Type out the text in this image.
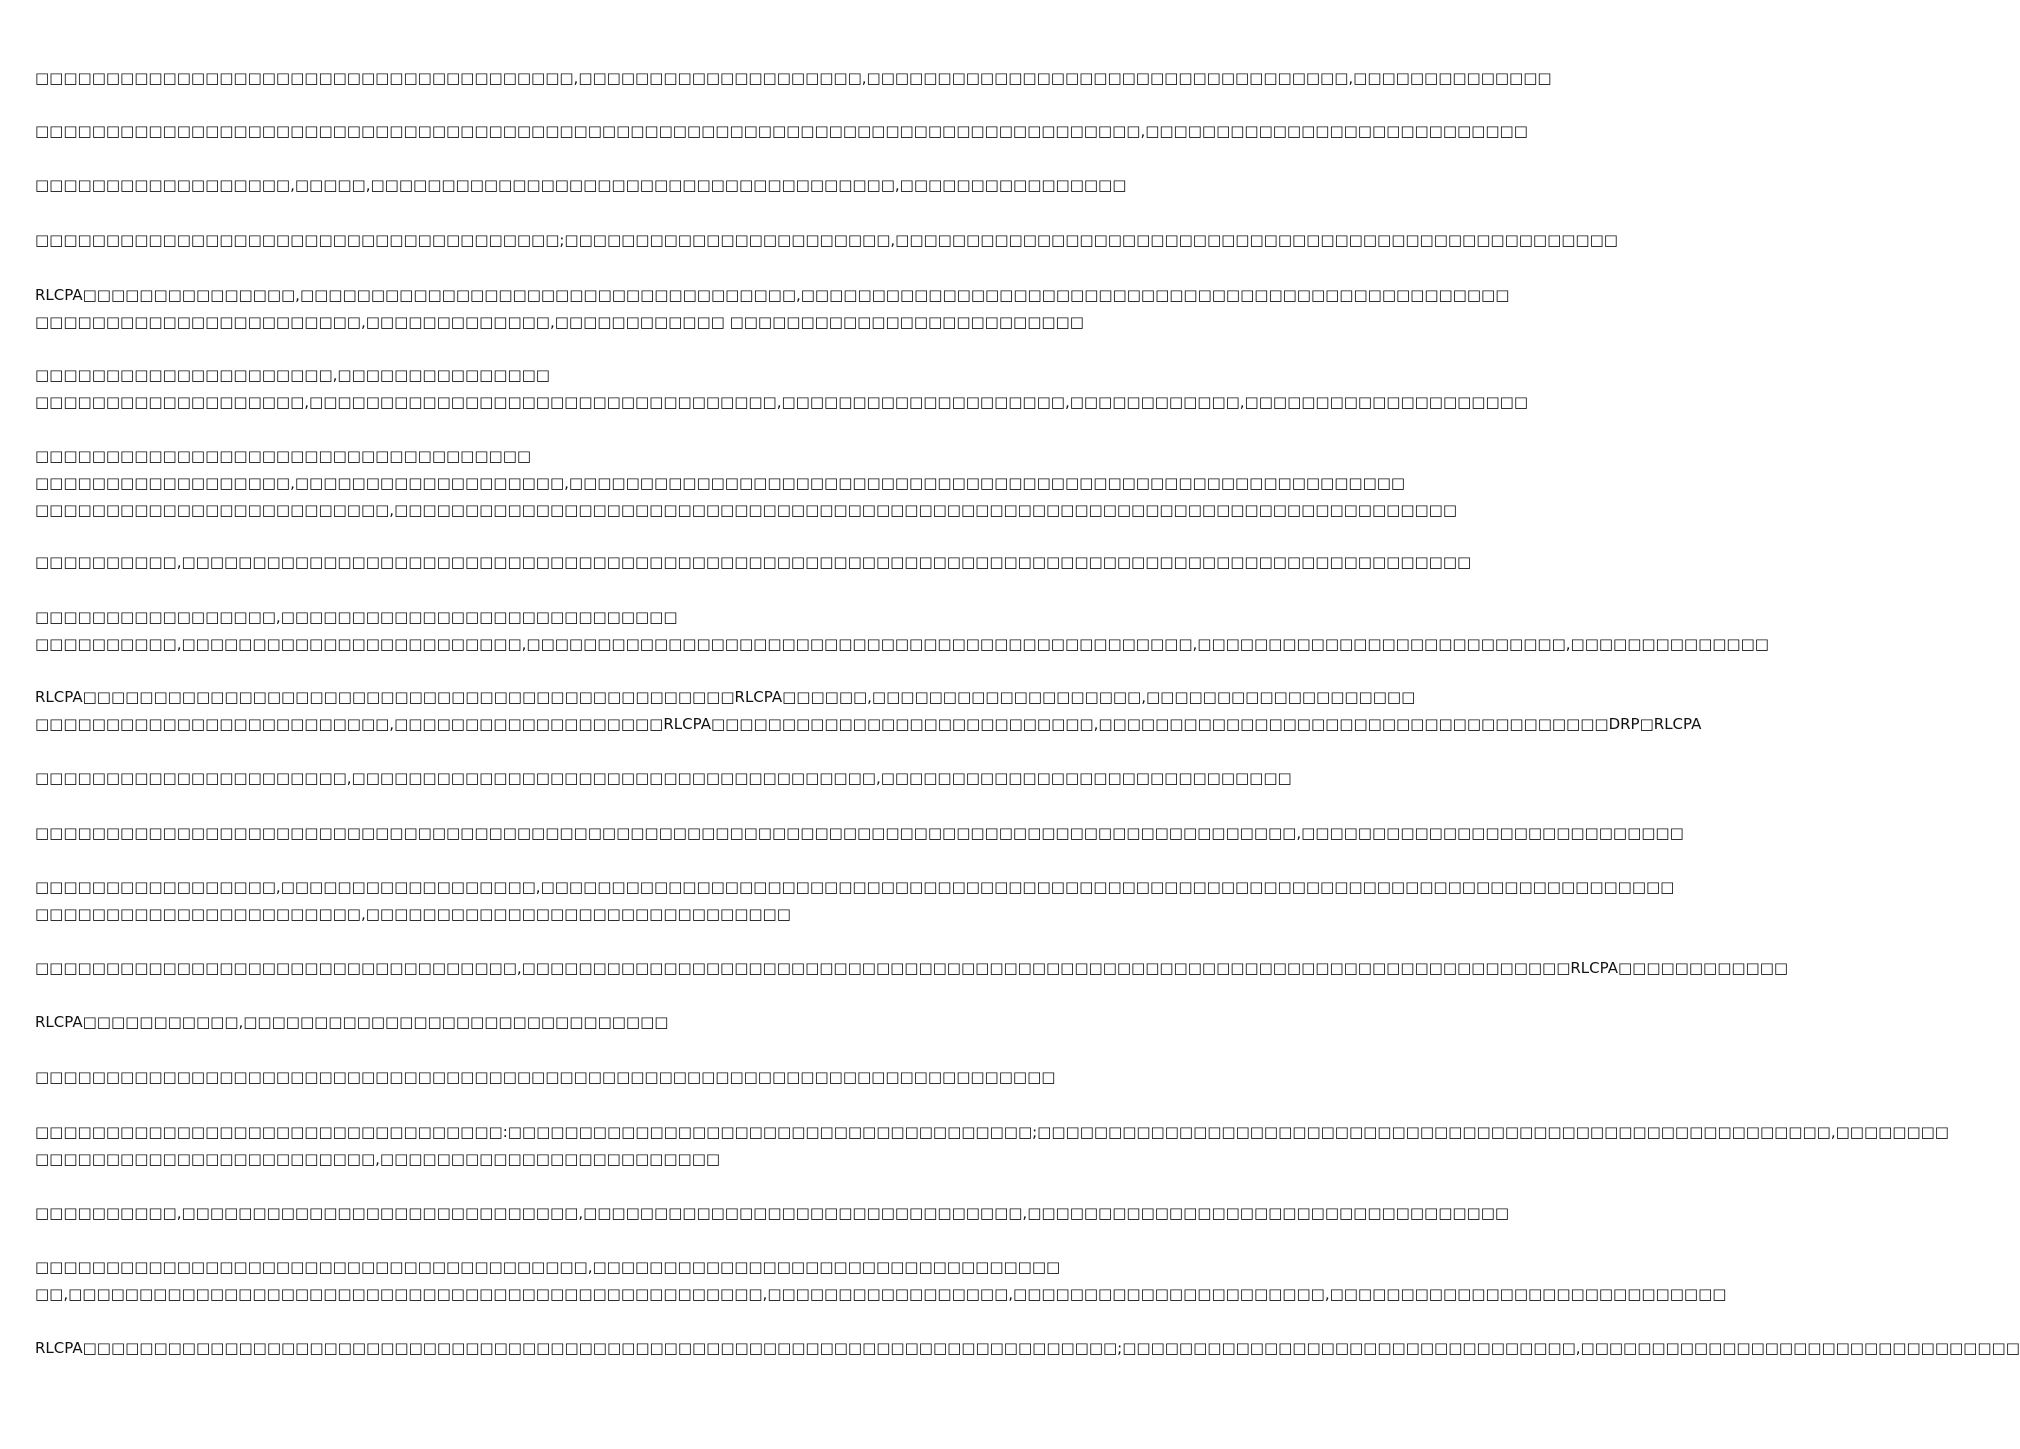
□□□□□□□□□□□□□□□□□□□□□□□□□□□□□□□□□□□□□□,□□□□□□□□□□□□□□□□□□□□,□□□□□□□□□□□□□□□□□□□□□□□□□□□□□□□□□□,□□□□□□□□□□□□□□
□□□□□□□□□□□□□□□□□□□□□□□□□□□□□□□□□□□□□□□□□□□□□□□□□□□□□□□□□□□□□□□□□□□□□□□□□□□□□□,□□□□□□□□□□□□□□□□□□□□□□□□□□□
□□□□□□□□□□□□□□□□□□,□□□□□,□□□□□□□□□□□□□□□□□□□□□□□□□□□□□□□□□□□□□,□□□□□□□□□□□□□□□□
□□□□□□□□□□□□□□□□□□□□□□□□□□□□□□□□□□□□□;□□□□□□□□□□□□□□□□□□□□□□□,□□□□□□□□□□□□□□□□□□□□□□□□□□□□□□□□□□□□□□□□□□□□□□□□□□□
RLCPA□□□□□□□□□□□□□□□,□□□□□□□□□□□□□□□□□□□□□□□□□□□□□□□□□□□,□□□□□□□□□□□□□□□□□□□□□□□□□□□□□□□□□□□□□□□□□□□□□□□□□□
□□□□□□□□□□□□□□□□□□□□□□□,□□□□□□□□□□□□□,□□□□□□□□□□□□ □□□□□□□□□□□□□□□□□□□□□□□□□
□□□□□□□□□□□□□□□□□□□□□,□□□□□□□□□□□□□□□
□□□□□□□□□□□□□□□□□□□,□□□□□□□□□□□□□□□□□□□□□□□□□□□□□□□□□,□□□□□□□□□□□□□□□□□□□□,□□□□□□□□□□□□,□□□□□□□□□□□□□□□□□□□□
□□□□□□□□□□□□□□□□□□□□□□□□□□□□□□□□□□□
□□□□□□□□□□□□□□□□□□,□□□□□□□□□□□□□□□□□□□,□□□□□□□□□□□□□□□□□□□□□□□□□□□□□□□□□□□□□□□□□□□□□□□□□□□□□□□□□□□
□□□□□□□□□□□□□□□□□□□□□□□□□,□□□□□□□□□□□□□□□□□□□□□□□□□□□□□□□□□□□□□□□□□□□□□□□□□□□□□□□□□□□□□□□□□□□□□□□□□□□
□□□□□□□□□□,□□□□□□□□□□□□□□□□□□□□□□□□□□□□□□□□□□□□□□□□□□□□□□□□□□□□□□□□□□□□□□□□□□□□□□□□□□□□□□□□□□□□□□□□□□□
□□□□□□□□□□□□□□□□□,□□□□□□□□□□□□□□□□□□□□□□□□□□□□
□□□□□□□□□□,□□□□□□□□□□□□□□□□□□□□□□□□,□□□□□□□□□□□□□□□□□□□□□□□□□□□□□□□□□□□□□□□□□□□□□□□,□□□□□□□□□□□□□□□□□□□□□□□□□□,□□□□□□□□□□□□□□
RLCPA□□□□□□□□□□□□□□□□□□□□□□□□□□□□□□□□□□□□□□□□□□□□□□RLCPA□□□□□□,□□□□□□□□□□□□□□□□□□□,□□□□□□□□□□□□□□□□□□□
□□□□□□□□□□□□□□□□□□□□□□□□□,□□□□□□□□□□□□□□□□□□□RLCPA□□□□□□□□□□□□□□□□□□□□□□□□□□□,□□□□□□□□□□□□□□□□□□□□□□□□□□□□□□□□□□□□DRP□RLCPA
□□□□□□□□□□□□□□□□□□□□□□,□□□□□□□□□□□□□□□□□□□□□□□□□□□□□□□□□□□□□,□□□□□□□□□□□□□□□□□□□□□□□□□□□□□
□□□□□□□□□□□□□□□□□□□□□□□□□□□□□□□□□□□□□□□□□□□□□□□□□□□□□□□□□□□□□□□□□□□□□□□□□□□□□□□□□□□□□□□□□,□□□□□□□□□□□□□□□□□□□□□□□□□□□
□□□□□□□□□□□□□□□□□,□□□□□□□□□□□□□□□□□□,□□□□□□□□□□□□□□□□□□□□□□□□□□□□□□□□□□□□□□□□□□□□□□□□□□□□□□□□□□□□□□□□□□□□□□□□□□□□□□□□
□□□□□□□□□□□□□□□□□□□□□□□,□□□□□□□□□□□□□□□□□□□□□□□□□□□□□□
□□□□□□□□□□□□□□□□□□□□□□□□□□□□□□□□□□,□□□□□□□□□□□□□□□□□□□□□□□□□□□□□□□□□□□□□□□□□□□□□□□□□□□□□□□□□□□□□□□□□□□□□□□□□□RLCPA□□□□□□□□□□□□
RLCPA□□□□□□□□□□□,□□□□□□□□□□□□□□□□□□□□□□□□□□□□□□
□□□□□□□□□□□□□□□□□□□□□□□□□□□□□□□□□□□□□□□□□□□□□□□□□□□□□□□□□□□□□□□□□□□□□□□□
□□□□□□□□□□□□□□□□□□□□□□□□□□□□□□□□□:□□□□□□□□□□□□□□□□□□□□□□□□□□□□□□□□□□□□□;□□□□□□□□□□□□□□□□□□□□□□□□□□□□□□□□□□□□□□□□□□□□□□□□□□□□□□□□,□□□□□□□□
□□□□□□□□□□□□□□□□□□□□□□□□,□□□□□□□□□□□□□□□□□□□□□□□□
□□□□□□□□□□,□□□□□□□□□□□□□□□□□□□□□□□□□□□□,□□□□□□□□□□□□□□□□□□□□□□□□□□□□□□□,□□□□□□□□□□□□□□□□□□□□□□□□□□□□□□□□□□
□□□□□□□□□□□□□□□□□□□□□□□□□□□□□□□□□□□□□□□,□□□□□□□□□□□□□□□□□□□□□□□□□□□□□□□□□
□□,□□□□□□□□□□□□□□□□□□□□□□□□□□□□□□□□□□□□□□□□□□□□□□□□□,□□□□□□□□□□□□□□□□□,□□□□□□□□□□□□□□□□□□□□□□,□□□□□□□□□□□□□□□□□□□□□□□□□□□□
RLCPA□□□□□□□□□□□□□□□□□□□□□□□□□□□□□□□□□□□□□□□□□□□□□□□□□□□□□□□□□□□□□□□□□□□□□□□□□;□□□□□□□□□□□□□□□□□□□□□□□□□□□□□□□□,□□□□□□□□□□□□□□□□□□□□□□□□□□□□□□□
